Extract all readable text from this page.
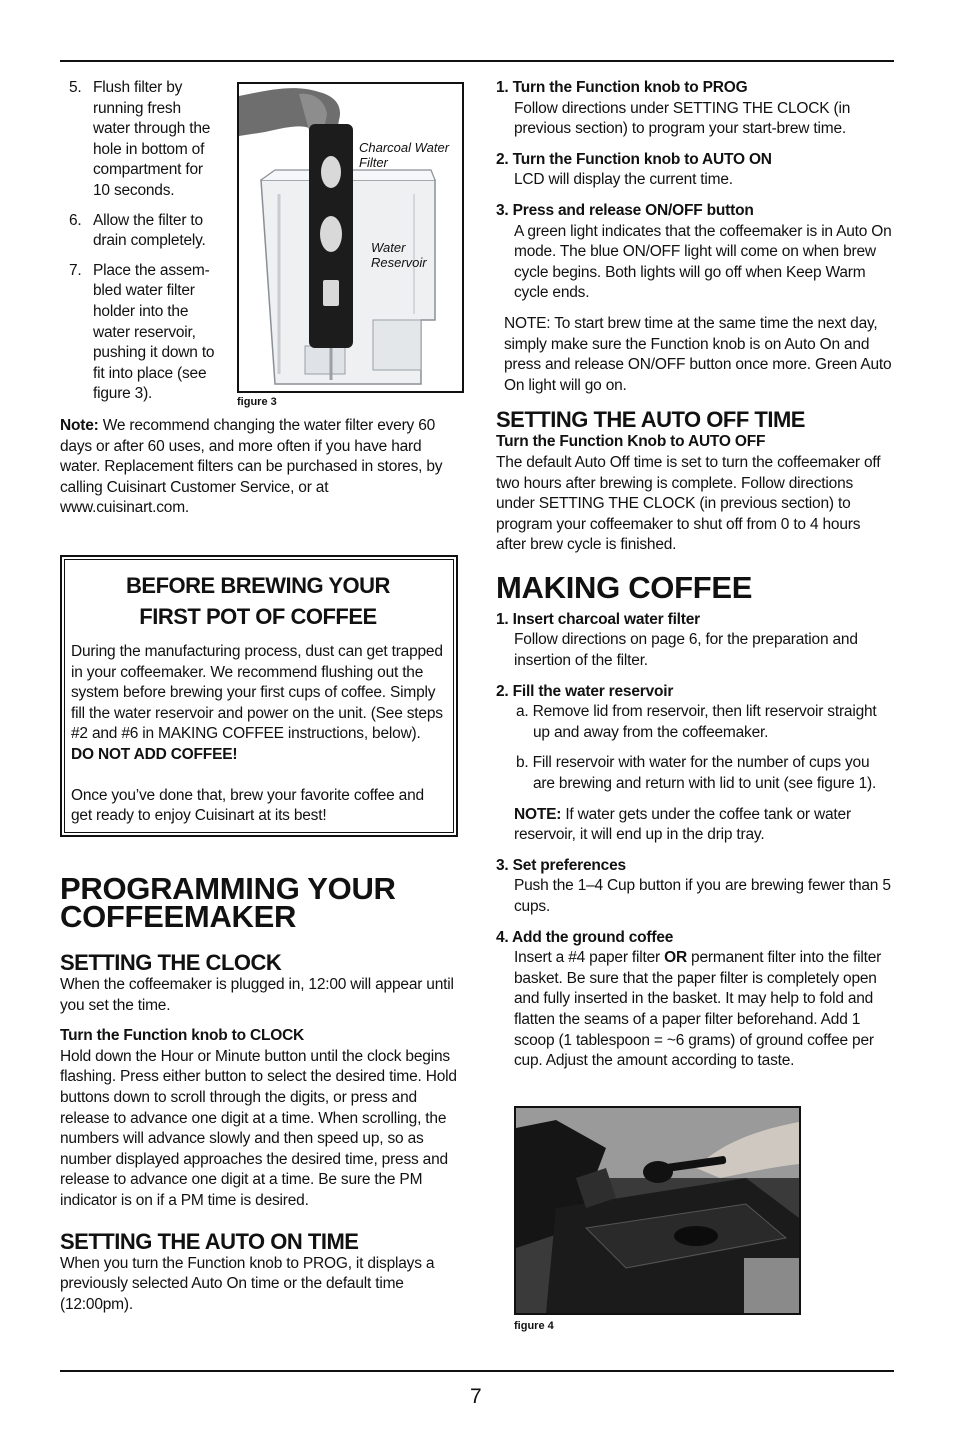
5. Flush filter by running fresh water through the hole in bottom of compartment for 10 seconds.
6. Allow the filter to drain completely.
7. Place the assem-bled water filter holder into the water reservoir, pushing it down to fit into place (see figure 3).
Charcoal Water Filter
Water Reservoir
figure 3
Note: We recommend changing the water filter every 60 days or after 60 uses, and more often if you have hard water. Replacement filters can be purchased in stores, by calling Cuisinart Customer Service, or at www.cuisinart.com.
BEFORE BREWING YOUR
FIRST POT OF COFFEE
During the manufacturing process, dust can get trapped in your coffeemaker. We recommend flushing out the system before brewing your first cups of coffee. Simply fill the water reservoir and power on the unit. (See steps #2 and #6 in MAKING COFFEE instructions, below).
DO NOT ADD COFFEE!
Once you’ve done that, brew your favorite coffee and get ready to enjoy Cuisinart at its best!
PROGRAMMING YOUR
COFFEEMAKER
SETTING THE CLOCK
When the coffeemaker is plugged in, 12:00 will appear until you set the time.
Turn the Function knob to CLOCK
Hold down the Hour or Minute button until the clock begins flashing. Press either button to select the desired time. Hold buttons down to scroll through the digits, or press and release to advance one digit at a time. When scrolling, the numbers will advance slowly and then speed up, so as number displayed approaches the desired time, press and release to advance one digit at a time. Be sure the PM indicator is on if a PM time is desired.
SETTING THE AUTO ON TIME
When you turn the Function knob to PROG, it displays a previously selected Auto On time or the default time (12:00pm).
1. Turn the Function knob to PROG
Follow directions under SETTING THE CLOCK (in previous section) to program your start-brew time.
2. Turn the Function knob to AUTO ON
LCD will display the current time.
3. Press and release ON/OFF button
A green light indicates that the coffeemaker is in Auto On mode. The blue ON/OFF light will come on when brew cycle begins. Both lights will go off when Keep Warm cycle ends.
NOTE: To start brew time at the same time the next day, simply make sure the Function knob is on Auto On and press and release ON/OFF button once more. Green Auto On light will go on.
SETTING THE AUTO OFF TIME
Turn the Function Knob to AUTO OFF
The default Auto Off time is set to turn the coffeemaker off two hours after brewing is complete. Follow directions under SETTING THE CLOCK (in previous section) to program your coffeemaker to shut off from 0 to 4 hours after brew cycle is finished.
MAKING COFFEE
1. Insert charcoal water filter
Follow directions on page 6, for the preparation and insertion of the filter.
2. Fill the water reservoir
a. Remove lid from reservoir, then lift reservoir straight up and away from the coffeemaker.
b. Fill reservoir with water for the number of cups you are brewing and return with lid to unit (see figure 1).
NOTE: If water gets under the coffee tank or water reservoir, it will end up in the drip tray.
3. Set preferences
Push the 1–4 Cup button if you are brewing fewer than 5 cups.
4. Add the ground coffee
Insert a #4 paper filter OR permanent filter into the filter basket. Be sure that the paper filter is completely open and fully inserted in the basket. It may help to fold and flatten the seams of a paper filter beforehand. Add 1 scoop (1 tablespoon = ~6 grams) of ground coffee per cup. Adjust the amount according to taste.
figure 4
7
